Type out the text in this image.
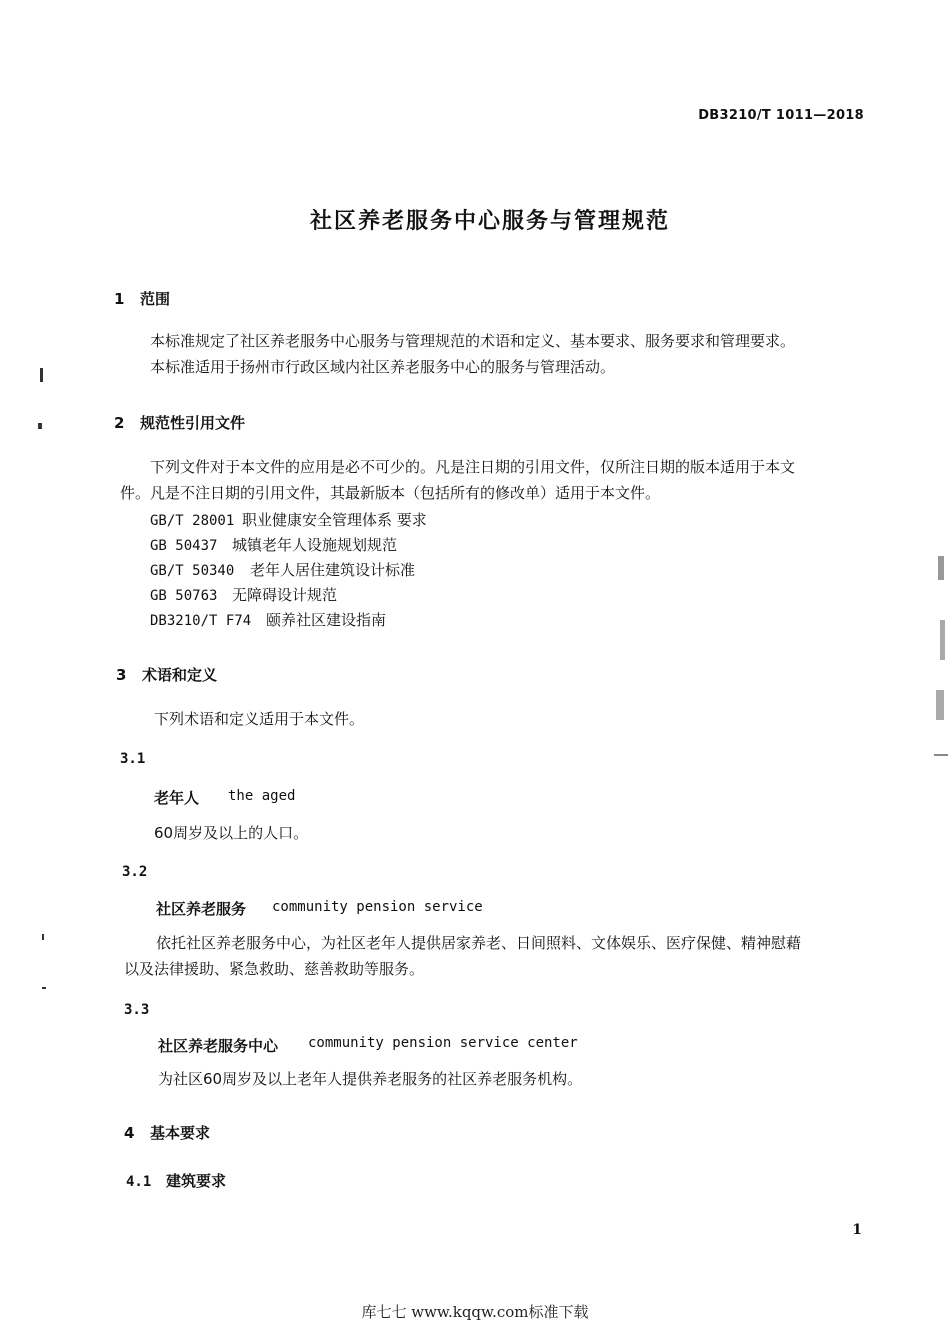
DB3210/T 1011—2018
社区养老服务中心服务与管理规范
1 范围
本标准规定了社区养老服务中心服务与管理规范的术语和定义、基本要求、服务要求和管理要求。
本标准适用于扬州市行政区域内社区养老服务中心的服务与管理活动。
2 规范性引用文件
下列文件对于本文件的应用是必不可少的。凡是注日期的引用文件，仅所注日期的版本适用于本文
件。凡是不注日期的引用文件，其最新版本（包括所有的修改单）适用于本文件。
GB/T 28001 职业健康安全管理体系 要求
GB 50437 城镇老年人设施规划规范
GB/T 50340 老年人居住建筑设计标准
GB 50763 无障碍设计规范
DB3210/T F74 颐养社区建设指南
3 术语和定义
下列术语和定义适用于本文件。
3.1
老年人 the aged
60周岁及以上的人口。
3.2
社区养老服务 community pension service
依托社区养老服务中心，为社区老年人提供居家养老、日间照料、文体娱乐、医疗保健、精神慰藉
以及法律援助、紧急救助、慈善救助等服务。
3.3
社区养老服务中心 community pension service center
为社区60周岁及以上老年人提供养老服务的社区养老服务机构。
4 基本要求
4.1 建筑要求
1
库七七 www.kqqw.com标准下载
